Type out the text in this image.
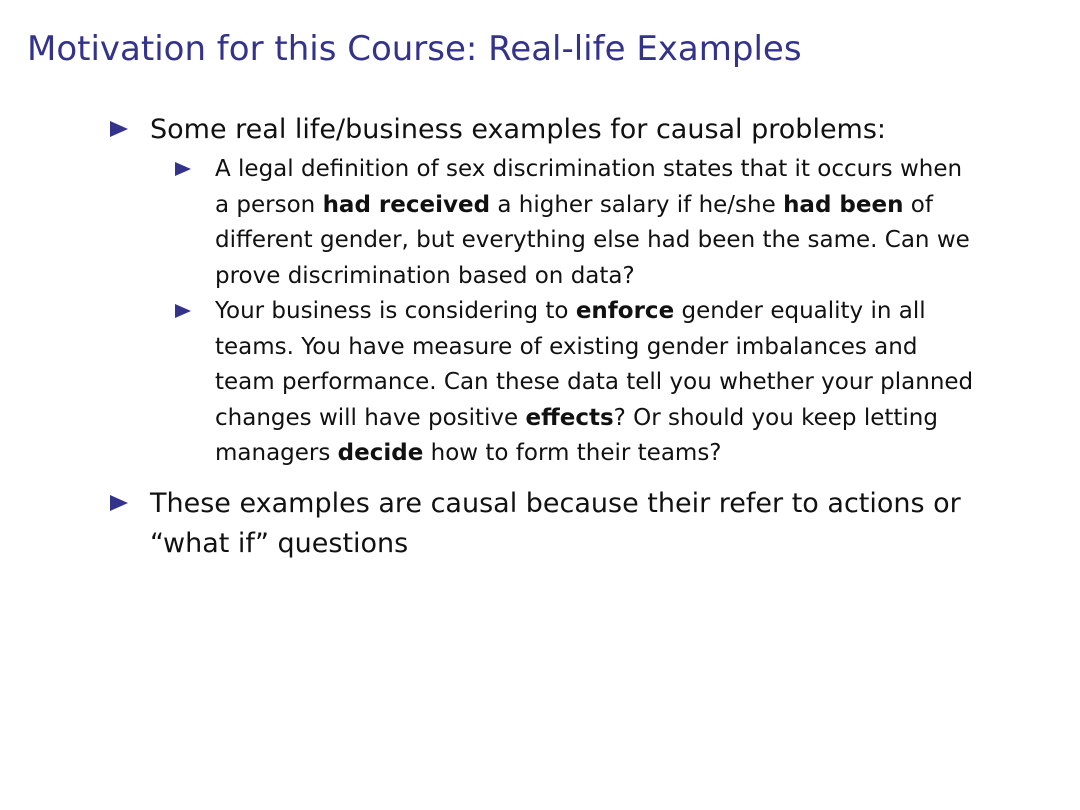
Motivation for this Course: Real-life Examples
Some real life/business examples for causal problems:
A legal definition of sex discrimination states that it occurs when a person had received a higher salary if he/she had been of different gender, but everything else had been the same. Can we prove discrimination based on data?
Your business is considering to enforce gender equality in all teams. You have measure of existing gender imbalances and team performance. Can these data tell you whether your planned changes will have positive effects? Or should you keep letting managers decide how to form their teams?
These examples are causal because their refer to actions or “what if” questions
